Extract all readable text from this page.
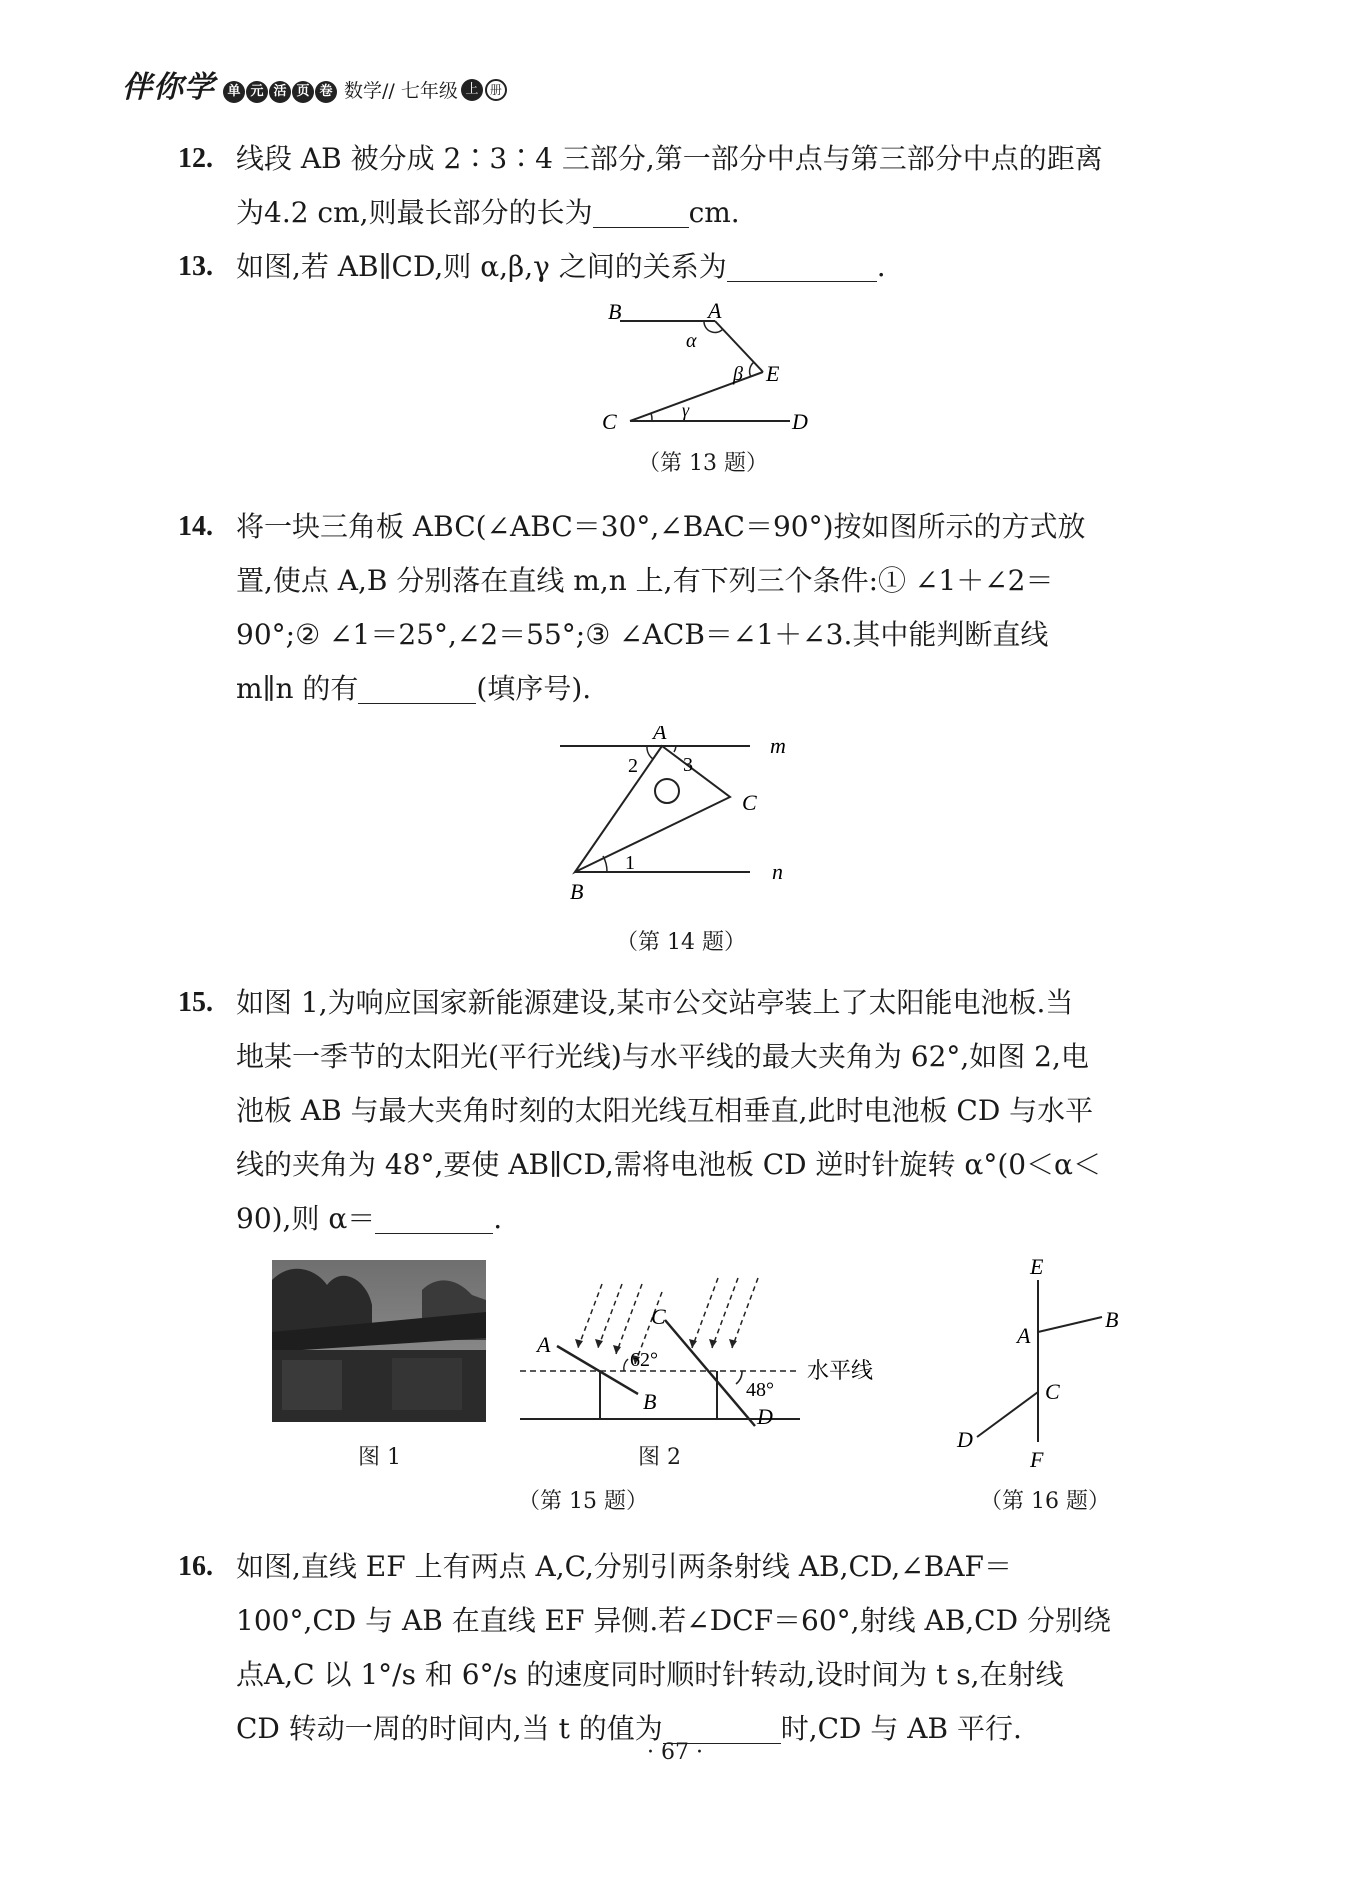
伴你学 单 元 活 页 卷 数学// 七年级 上 册
12. 线段 AB 被分成 2∶3∶4 三部分,第一部分中点与第三部分中点的距离
为4.2 cm,则最长部分的长为	cm.
13. 如图,若 AB∥CD,则 α,β,γ 之间的关系为	.
B	A
α
β E
C	γ	D
（第 13 题）
14. 将一块三角板 ABC(∠ABC＝30°,∠BAC＝90°)按如图所示的方式放
置,使点 A,B 分别落在直线 m,n 上,有下列三个条件:① ∠1＋∠2＝
90°;② ∠1＝25°,∠2＝55°;③ ∠ACB＝∠1＋∠3.其中能判断直线
m∥n 的有	(填序号).
A
m
2 3
C
1
B
n
（第 14 题）
15. 如图 1,为响应国家新能源建设,某市公交站亭装上了太阳能电池板.当
地某一季节的太阳光(平行光线)与水平线的最大夹角为 62°,如图 2,电
池板 AB 与最大夹角时刻的太阳光线互相垂直,此时电池板 CD 与水平
线的夹角为 48°,要使 AB∥CD,需将电池板 CD 逆时针旋转 α°(0＜α＜
90),则 α＝	.
图 1
A
B
C
D
62°
48°
水平线
图 2
（第 15 题）
E
B
A
C
D
F
（第 16 题）
16. 如图,直线 EF 上有两点 A,C,分别引两条射线 AB,CD,∠BAF＝
100°,CD 与 AB 在直线 EF 异侧.若∠DCF＝60°,射线 AB,CD 分别绕
点A,C 以 1°/s 和 6°/s 的速度同时顺时针转动,设时间为 t s,在射线
CD 转动一周的时间内,当 t 的值为	时,CD 与 AB 平行.
· 67 ·
